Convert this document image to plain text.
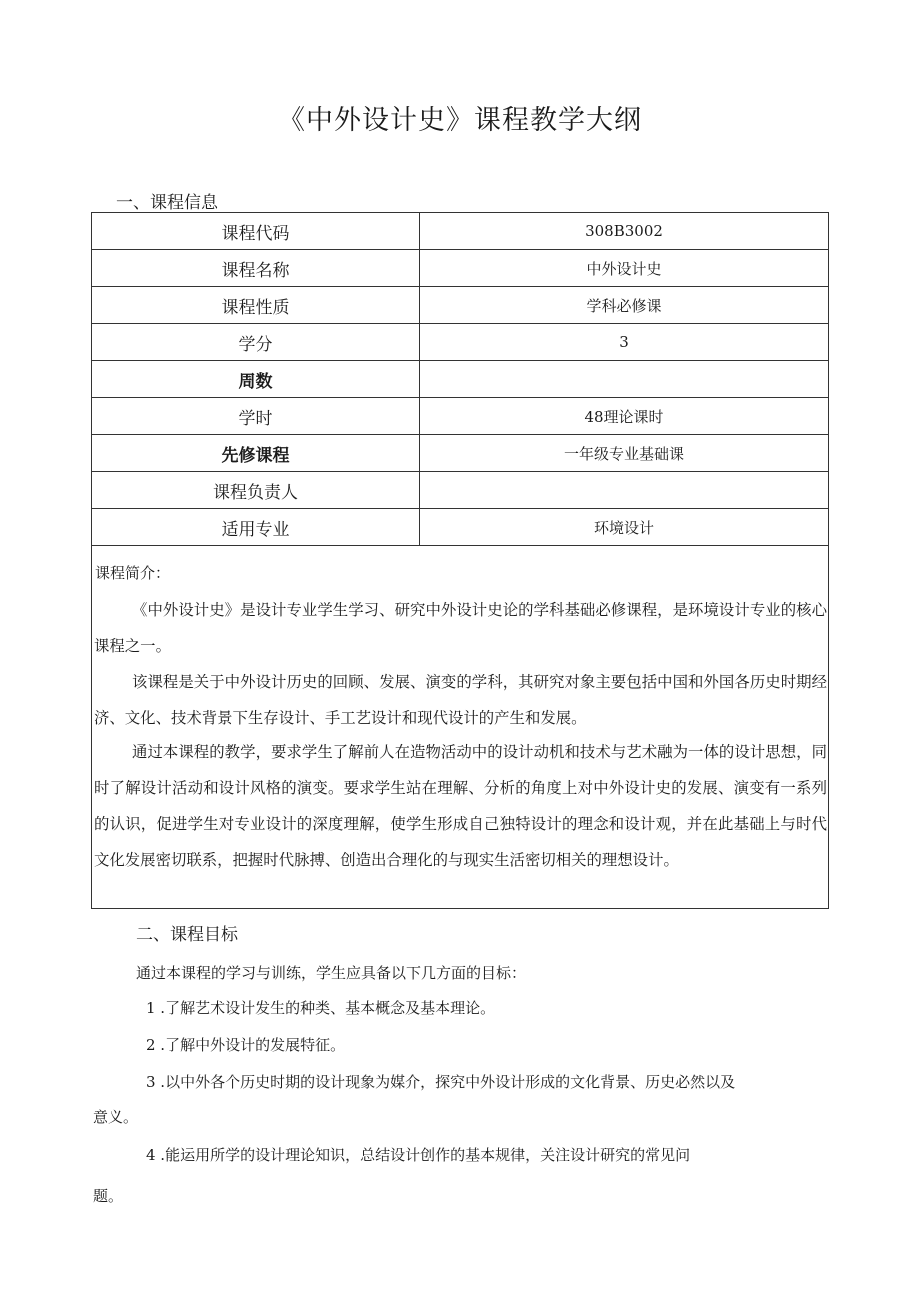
《中外设计史》课程教学大纲
一、课程信息
课程代码	308B3002
课程名称	中外设计史
课程性质	学科必修课
学分	3
周数	
学时	48理论课时
先修课程	一年级专业基础课
课程负责人	
适用专业	环境设计
课程简介：

《中外设计史》是设计专业学生学习、研究中外设计史论的学科基础必修课程，是环境设计专业的核心课程之一。

该课程是关于中外设计历史的回顾、发展、演变的学科，其研究对象主要包括中国和外国各历史时期经济、文化、技术背景下生存设计、手工艺设计和现代设计的产生和发展。

通过本课程的教学，要求学生了解前人在造物活动中的设计动机和技术与艺术融为一体的设计思想，同时了解设计活动和设计风格的演变。要求学生站在理解、分析的角度上对中外设计史的发展、演变有一系列的认识，促进学生对专业设计的深度理解，使学生形成自己独特设计的理念和设计观，并在此基础上与时代文化发展密切联系，把握时代脉搏、创造出合理化的与现实生活密切相关的理想设计。

二、课程目标

通过本课程的学习与训练，学生应具备以下几方面的目标：

1 .了解艺术设计发生的种类、基本概念及基本理论。

2 .了解中外设计的发展特征。

3 .以中外各个历史时期的设计现象为媒介，探究中外设计形成的文化背景、历史必然以及

意义。

4 .能运用所学的设计理论知识，总结设计创作的基本规律，关注设计研究的常见问

题。
